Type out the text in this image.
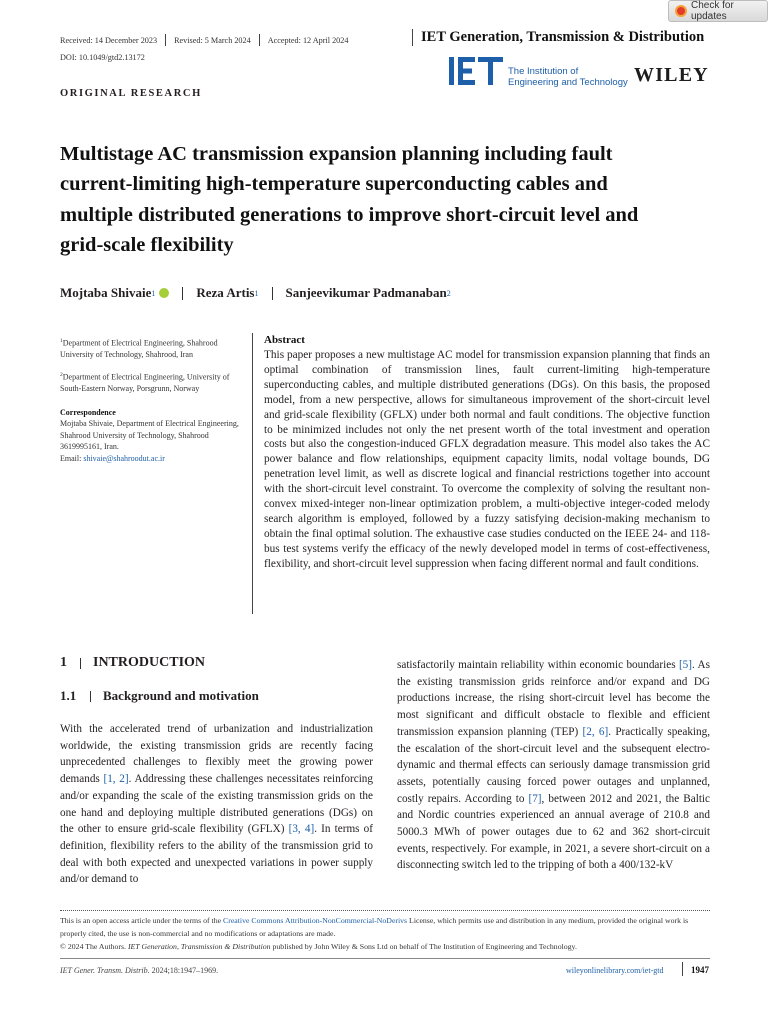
Check for updates
Received: 14 December 2023 Revised: 5 March 2024 Accepted: 12 April 2024	IET Generation, Transmission & Distribution
DOI: 10.1049/gtd2.13172
ORIGINAL RESEARCH
The Institution of
Engineering and Technology WILEY
Multistage AC transmission expansion planning including fault
current-limiting high-temperature superconducting cables and
multiple distributed generations to improve short-circuit level and
grid-scale flexibility
Mojtaba Shivaie 1	Reza Artis 1 Sanjeevikumar Padmanaban 2

$^1$Department of Electrical Engineering, Shahrood University of Technology, Shahrood, Iran

$^2$Department of Electrical Engineering, University of South-Eastern Norway, Porsgrunn, Norway

Correspondence
Mojtaba Shivaie, Department of Electrical Engineering, Shahrood University of Technology, Shahrood 3619995161, Iran.
Email: shivaie@shahroodut.ac.ir
Abstract
This paper proposes a new multistage AC model for transmission expansion planning that finds an optimal combination of transmission lines, fault current-limiting high-temperature superconducting cables, and multiple distributed generations (DGs). On this basis, the proposed model, from a new perspective, allows for simultaneous improvement of the short-circuit level and grid-scale flexibility (GFLX) under both normal and fault conditions. The objective function to be minimized includes not only the net present worth of the total investment and operation costs but also the congestion-induced GFLX degradation measure. This model also takes the AC power balance and flow relationships, equipment capacity limits, nodal voltage bounds, DG penetration level limit, as well as discrete logical and financial restrictions together into account with the short-circuit level constraint. To overcome the complexity of solving the resultant non-convex mixed-integer non-linear optimization problem, a multi-objective integer-coded melody search algorithm is employed, followed by a fuzzy satisfying decision-making mechanism to obtain the final optimal solution. The exhaustive case studies conducted on the IEEE 24- and 118-bus test systems verify the efficacy of the newly developed model in terms of cost-effectiveness, flexibility, and short-circuit level suppression when facing different normal and fault conditions.
1	INTRODUCTION
1.1	Background and motivation
With the accelerated trend of urbanization and industrialization worldwide, the existing transmission grids are recently facing unprecedented challenges to flexibly meet the growing power demands [1, 2]. Addressing these challenges necessitates reinforcing and/or expanding the scale of the existing transmission grids on the one hand and deploying multiple distributed generations (DGs) on the other to ensure grid-scale flexibility (GFLX) [3, 4]. In terms of definition, flexibility refers to the ability of the transmission grid to deal with both expected and unexpected variations in power supply and/or demand to
satisfactorily maintain reliability within economic boundaries [5]. As the existing transmission grids reinforce and/or expand and DG productions increase, the rising short-circuit level has become the most significant and difficult obstacle to flexible and efficient transmission expansion planning (TEP) [2, 6]. Practically speaking, the escalation of the short-circuit level and the subsequent electro-dynamic and thermal effects can seriously damage transmission grid assets, potentially causing forced power outages and unplanned, costly repairs. According to [7], between 2012 and 2021, the Baltic and Nordic countries experienced an annual average of 210.8 and 5000.3 MWh of power outages due to 62 and 362 short-circuit events, respectively. For example, in 2021, a severe short-circuit on a disconnecting switch led to the tripping of both a 400/132-kV
This is an open access article under the terms of the Creative Commons Attribution-NonCommercial-NoDerivs License, which permits use and distribution in any medium, provided the original work is properly cited, the use is non-commercial and no modifications or adaptations are made.
© 2024 The Authors. IET Generation, Transmission & Distribution published by John Wiley & Sons Ltd on behalf of The Institution of Engineering and Technology.
IET Gener. Transm. Distrib. 2024;18:1947–1969.	wileyonlinelibrary.com/iet-gtd	1947
